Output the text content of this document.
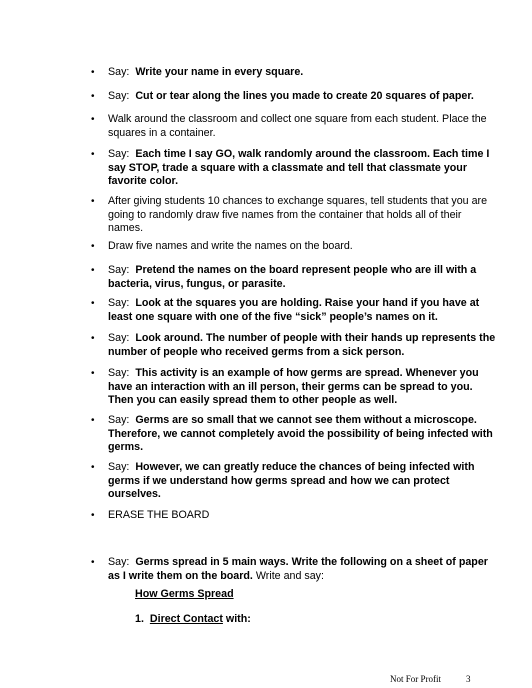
• Say: Write your name in every square.
• Say: Cut or tear along the lines you made to create 20 squares of paper.
• Walk around the classroom and collect one square from each student. Place the squares in a container.
• Say: Each time I say GO, walk randomly around the classroom. Each time I say STOP, trade a square with a classmate and tell that classmate your favorite color.
• After giving students 10 chances to exchange squares, tell students that you are going to randomly draw five names from the container that holds all of their names.
• Draw five names and write the names on the board.
• Say: Pretend the names on the board represent people who are ill with a bacteria, virus, fungus, or parasite.
• Say: Look at the squares you are holding. Raise your hand if you have at least one square with one of the five “sick” people’s names on it.
• Say: Look around. The number of people with their hands up represents the number of people who received germs from a sick person.
• Say: This activity is an example of how germs are spread. Whenever you have an interaction with an ill person, their germs can be spread to you. Then you can easily spread them to other people as well.
• Say: Germs are so small that we cannot see them without a microscope. Therefore, we cannot completely avoid the possibility of being infected with germs.
• Say: However, we can greatly reduce the chances of being infected with germs if we understand how germs spread and how we can protect ourselves.
• ERASE THE BOARD
• Say: Germs spread in 5 main ways. Write the following on a sheet of paper as I write them on the board. Write and say:
How Germs Spread
1. Direct Contact with:
Not For Profit	3
